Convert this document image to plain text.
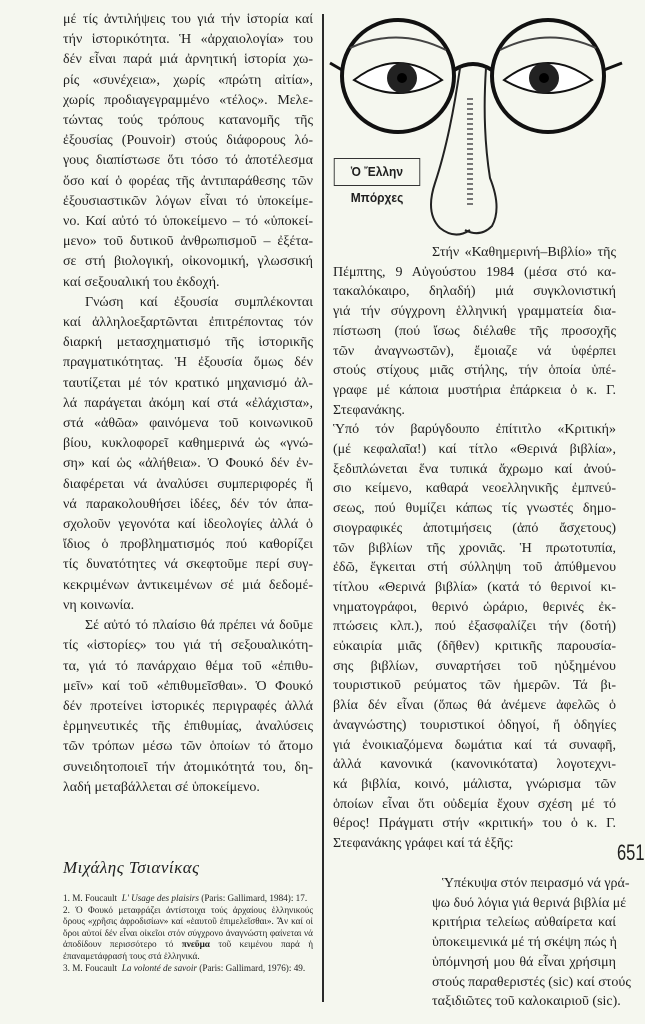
μέ τίς ἀντιλήψεις του γιά τήν ἱστορία καί
τήν ἱστορικότητα. Ἡ «ἀρχαιολογία» του
δέν εἶναι παρά μιά ἀρνητική ἱστορία χω-
ρίς «συνέχεια», χωρίς «πρώτη αἰτία»,
χωρίς προδιαγεγραμμένο «τέλος». Μελε-
τώντας τούς τρόπους κατανομῆς τῆς
ἐξουσίας (Pouvoir) στούς διάφορους λό-
γους διαπίστωσε ὅτι τόσο τό ἀποτέλεσμα
ὅσο καί ὁ φορέας τῆς ἀντιπαράθεσης τῶν
ἐξουσιαστικῶν λόγων εἶναι τό ὑποκείμε-
νο. Καί αὐτό τό ὑποκείμενο – τό «ὑποκεί-
μενο» τοῦ δυτικοῦ ἀνθρωπισμοῦ – ἐξέτα-
σε στή βιολογική, οἰκονομική, γλωσσική
καί σεξουαλική του ἐκδοχή.
Γνώση καί ἐξουσία συμπλέκονται
καί ἀλληλοεξαρτῶνται ἐπιτρέποντας τόν
διαρκή μετασχηματισμό τῆς ἱστορικῆς
πραγματικότητας. Ἡ ἐξουσία ὅμως δέν
ταυτίζεται μέ τόν κρατικό μηχανισμό ἀλ-
λά παράγεται ἀκόμη καί στά «ἐλάχιστα»,
στά «ἀθῶα» φαινόμενα τοῦ κοινωνικοῦ
βίου, κυκλοφορεῖ καθημερινά ὡς «γνώ-
ση» καί ὡς «ἀλήθεια». Ὁ Φουκό δέν ἐν-
διαφέρεται νά ἀναλύσει συμπεριφορές ἤ
νά παρακολουθήσει ἰδέες, δέν τόν ἀπα-
σχολοῦν γεγονότα καί ἰδεολογίες ἀλλά ὁ
ἴδιος ὁ προβληματισμός πού καθορίζει
τίς δυνατότητες νά σκεφτοῦμε περί συγ-
κεκριμένων ἀντικειμένων σέ μιά δεδομέ-
νη κοινωνία.
Σέ αὐτό τό πλαίσιο θά πρέπει νά δοῦμε
τίς «ἱστορίες» του γιά τή σεξουαλικότη-
τα, γιά τό πανάρχαιο θέμα τοῦ «ἐπιθυ-
μεῖν» καί τοῦ «ἐπιθυμεῖσθαι». Ὁ Φουκό
δέν προτείνει ἱστορικές περιγραφές ἀλλά
ἑρμηνευτικές τῆς ἐπιθυμίας, ἀναλύσεις
τῶν τρόπων μέσω τῶν ὁποίων τό ἄτομο
συνειδητοποιεῖ τήν ἀτομικότητά του, δη-
λαδή μεταβάλλεται σέ ὑποκείμενο.
Ὁ Ἔλλην Μπόρχες
Στήν «Καθημερινή–Βιβλίο» τῆς
Πέμπτης, 9 Αὐγούστου 1984 (μέσα στό κα-
τακαλόκαιρο, δηλαδή) μιά συγκλονιστική
γιά τήν σύγχρονη ἑλληνική γραμματεία δια-
πίστωση (πού ἴσως διέλαθε τῆς προσοχῆς
τῶν ἀναγνωστῶν), ἔμοιαζε νά ὑφέρπει
στούς στίχους μιᾶς στήλης, τήν ὁποία ὑπέ-
γραφε μέ κάποια μυστήρια ἐπάρκεια ὁ κ. Γ.
Στεφανάκης.
Ὑπό τόν βαρύγδουπο ἐπίτιτλο «Κριτική»
(μέ κεφαλαῖα!) καί τίτλο «Θερινά βιβλία»,
ξεδιπλώνεται ἕνα τυπικά ἄχρωμο καί ἀνού-
σιο κείμενο, καθαρά νεοελληνικῆς ἐμπνεύ-
σεως, πού θυμίζει κάπως τίς γνωστές δημο-
σιογραφικές ἀποτιμήσεις (ἀπό ἄσχετους)
τῶν βιβλίων τῆς χρονιᾶς. Ἡ πρωτοτυπία,
ἐδῶ, ἔγκειται στή σύλληψη τοῦ ἀπύθμενου
τίτλου «Θερινά βιβλία» (κατά τό θερινοί κι-
νηματογράφοι, θερινό ὡράριο, θερινές ἐκ-
πτώσεις κλπ.), πού ἐξασφαλίζει τήν (δοτή)
εὐκαιρία μιᾶς (δῆθεν) κριτικῆς παρουσία-
σης βιβλίων, συναρτήσει τοῦ ηὐξημένου
τουριστικοῦ ρεύματος τῶν ἡμερῶν. Τά βι-
βλία δέν εἶναι (ὅπως θά ἀνέμενε ἀφελῶς ὁ
ἀναγνώστης) τουριστικοί ὁδηγοί, ἤ ὁδηγίες
γιά ἐνοικιαζόμενα δωμάτια καί τά συναφῆ,
ἀλλά κανονικά (κανονικότατα) λογοτεχνι-
κά βιβλία, κοινό, μάλιστα, γνώρισμα τῶν
ὁποίων εἶναι ὅτι οὐδεμία ἔχουν σχέση μέ τό
θέρος! Πράγματι στήν «κριτική» του ὁ κ. Γ.
Στεφανάκης γράφει καί τά ἑξῆς:
Ὑπέκυψα στόν πειρασμό νά γρά-
ψω δυό λόγια γιά θερινά βιβλία μέ
κριτήρια τελείως αὐθαίρετα καί
ὑποκειμενικά μέ τή σκέψη πώς ἡ
ὑπόμνησή μου θά εἶναι χρήσιμη
στούς παραθεριστές (sic) καί στούς
ταξιδιῶτες τοῦ καλοκαιριοῦ (sic).
Μιχάλης Τσιανίκας
1. M. Foucault L' Usage des plaisirs (Paris: Gallimard, 1984): 17.
2. Ὁ Φουκό μεταφράζει ἀντίστοιχα τούς ἀρχαίους ἑλληνικούς ὅρους «χρῆσις ἀφροδισίων» καί «ἑαυτοῦ ἐπιμελεῖσθαι». Ἄν καί οἱ ὅροι αὐτοί δέν εἶναι οἰκεῖοι στόν σύγχρονο ἀναγνώστη φαίνεται νά ἀποδίδουν περισσότερο τό πνεῦμα τοῦ κειμένου παρά ἡ ἐπαναμετάφρασή τους στά ἑλληνικά.
3. M. Foucault La volonté de savoir (Paris: Gallimard, 1976): 49.
651
